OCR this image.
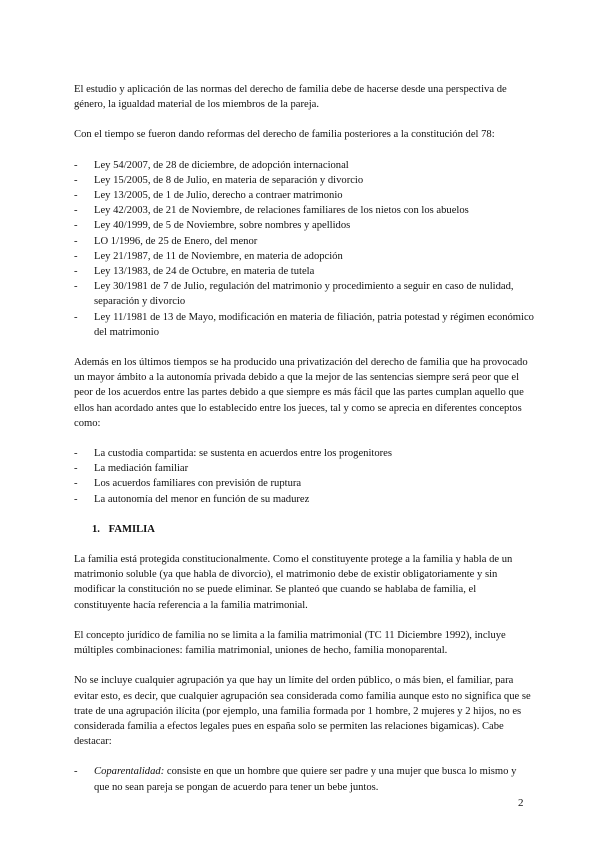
El estudio y aplicación de las normas del derecho de familia debe de hacerse desde una perspectiva de género, la igualdad material de los miembros de la pareja.

Con el tiempo se fueron dando reformas del derecho de familia posteriores a la constitución del 78:

- Ley 54/2007, de 28 de diciembre, de adopción internacional
- Ley 15/2005, de 8 de Julio, en materia de separación y divorcio
- Ley 13/2005, de 1 de Julio, derecho a contraer matrimonio
- Ley 42/2003, de 21 de Noviembre, de relaciones familiares de los nietos con los abuelos
- Ley 40/1999, de 5 de Noviembre, sobre nombres y apellidos
- LO 1/1996, de 25 de Enero, del menor
- Ley 21/1987, de 11 de Noviembre, en materia de adopción
- Ley 13/1983, de 24 de Octubre, en materia de tutela
- Ley 30/1981 de 7 de Julio, regulación del matrimonio y procedimiento a seguir en caso de nulidad, separación y divorcio
- Ley 11/1981 de 13 de Mayo, modificación en materia de filiación, patria potestad y régimen económico del matrimonio

Además en los últimos tiempos se ha producido una privatización del derecho de familia que ha provocado un mayor ámbito a la autonomía privada debido a que la mejor de las sentencias siempre será peor que el peor de los acuerdos entre las partes debido a que siempre es más fácil que las partes cumplan aquello que ellos han acordado antes que lo establecido entre los jueces, tal y como se aprecia en diferentes conceptos como:

- La custodia compartida: se sustenta en acuerdos entre los progenitores
- La mediación familiar
- Los acuerdos familiares con previsión de ruptura
- La autonomía del menor en función de su madurez

1. FAMILIA

La familia está protegida constitucionalmente. Como el constituyente protege a la familia y habla de un matrimonio soluble (ya que habla de divorcio), el matrimonio debe de existir obligatoriamente y sin modificar la constitución no se puede eliminar. Se planteó que cuando se hablaba de familia, el constituyente hacía referencia a la familia matrimonial.

El concepto jurídico de familia no se limita a la familia matrimonial (TC 11 Diciembre 1992), incluye múltiples combinaciones: familia matrimonial, uniones de hecho, familia monoparental.

No se incluye cualquier agrupación ya que hay un límite del orden público, o más bien, el familiar, para evitar esto, es decir, que cualquier agrupación sea considerada como familia aunque esto no significa que se trate de una agrupación ilícita (por ejemplo, una familia formada por 1 hombre, 2 mujeres y 2 hijos, no es considerada familia a efectos legales pues en españa solo se permiten las relaciones bigamicas). Cabe destacar:

- Coparentalidad: consiste en que un hombre que quiere ser padre y una mujer que busca lo mismo y que no sean pareja se pongan de acuerdo para tener un bebe juntos.
2
